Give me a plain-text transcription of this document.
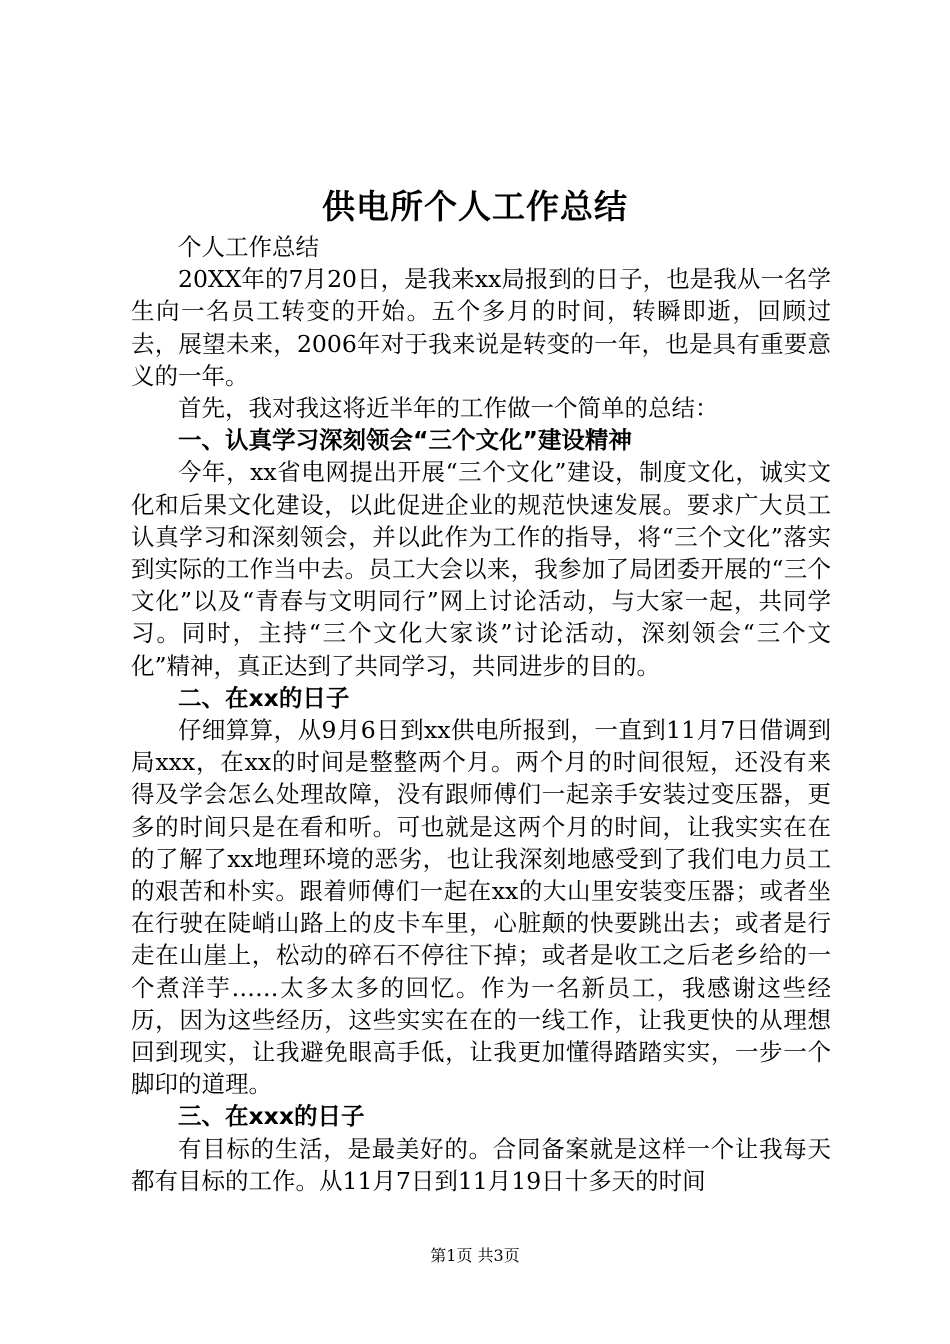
供电所个人工作总结

个人工作总结

20XX年的7月20日，是我来xx局报到的日子，也是我从一名学生向一名员工转变的开始。五个多月的时间，转瞬即逝，回顾过去，展望未来，2006年对于我来说是转变的一年，也是具有重要意义的一年。

首先，我对我这将近半年的工作做一个简单的总结：

一、认真学习深刻领会“三个文化”建设精神

今年，xx省电网提出开展“三个文化”建设，制度文化，诚实文化和后果文化建设，以此促进企业的规范快速发展。要求广大员工认真学习和深刻领会，并以此作为工作的指导，将“三个文化”落实到实际的工作当中去。员工大会以来，我参加了局团委开展的“三个文化”以及“青春与文明同行”网上讨论活动，与大家一起，共同学习。同时，主持“三个文化大家谈”讨论活动，深刻领会“三个文化”精神，真正达到了共同学习，共同进步的目的。

二、在xx的日子

仔细算算，从9月6日到xx供电所报到，一直到11月7日借调到局xxx，在xx的时间是整整两个月。两个月的时间很短，还没有来得及学会怎么处理故障，没有跟师傅们一起亲手安装过变压器，更多的时间只是在看和听。可也就是这两个月的时间，让我实实在在的了解了xx地理环境的恶劣，也让我深刻地感受到了我们电力员工的艰苦和朴实。跟着师傅们一起在xx的大山里安装变压器；或者坐在行驶在陡峭山路上的皮卡车里，心脏颠的快要跳出去；或者是行走在山崖上，松动的碎石不停往下掉；或者是收工之后老乡给的一个煮洋芋……太多太多的回忆。作为一名新员工，我感谢这些经历，因为这些经历，这些实实在在的一线工作，让我更快的从理想回到现实，让我避免眼高手低，让我更加懂得踏踏实实，一步一个脚印的道理。

三、在xxx的日子

有目标的生活，是最美好的。合同备案就是这样一个让我每天都有目标的工作。从11月7日到11月19日十多天的时间

第1页 共3页
